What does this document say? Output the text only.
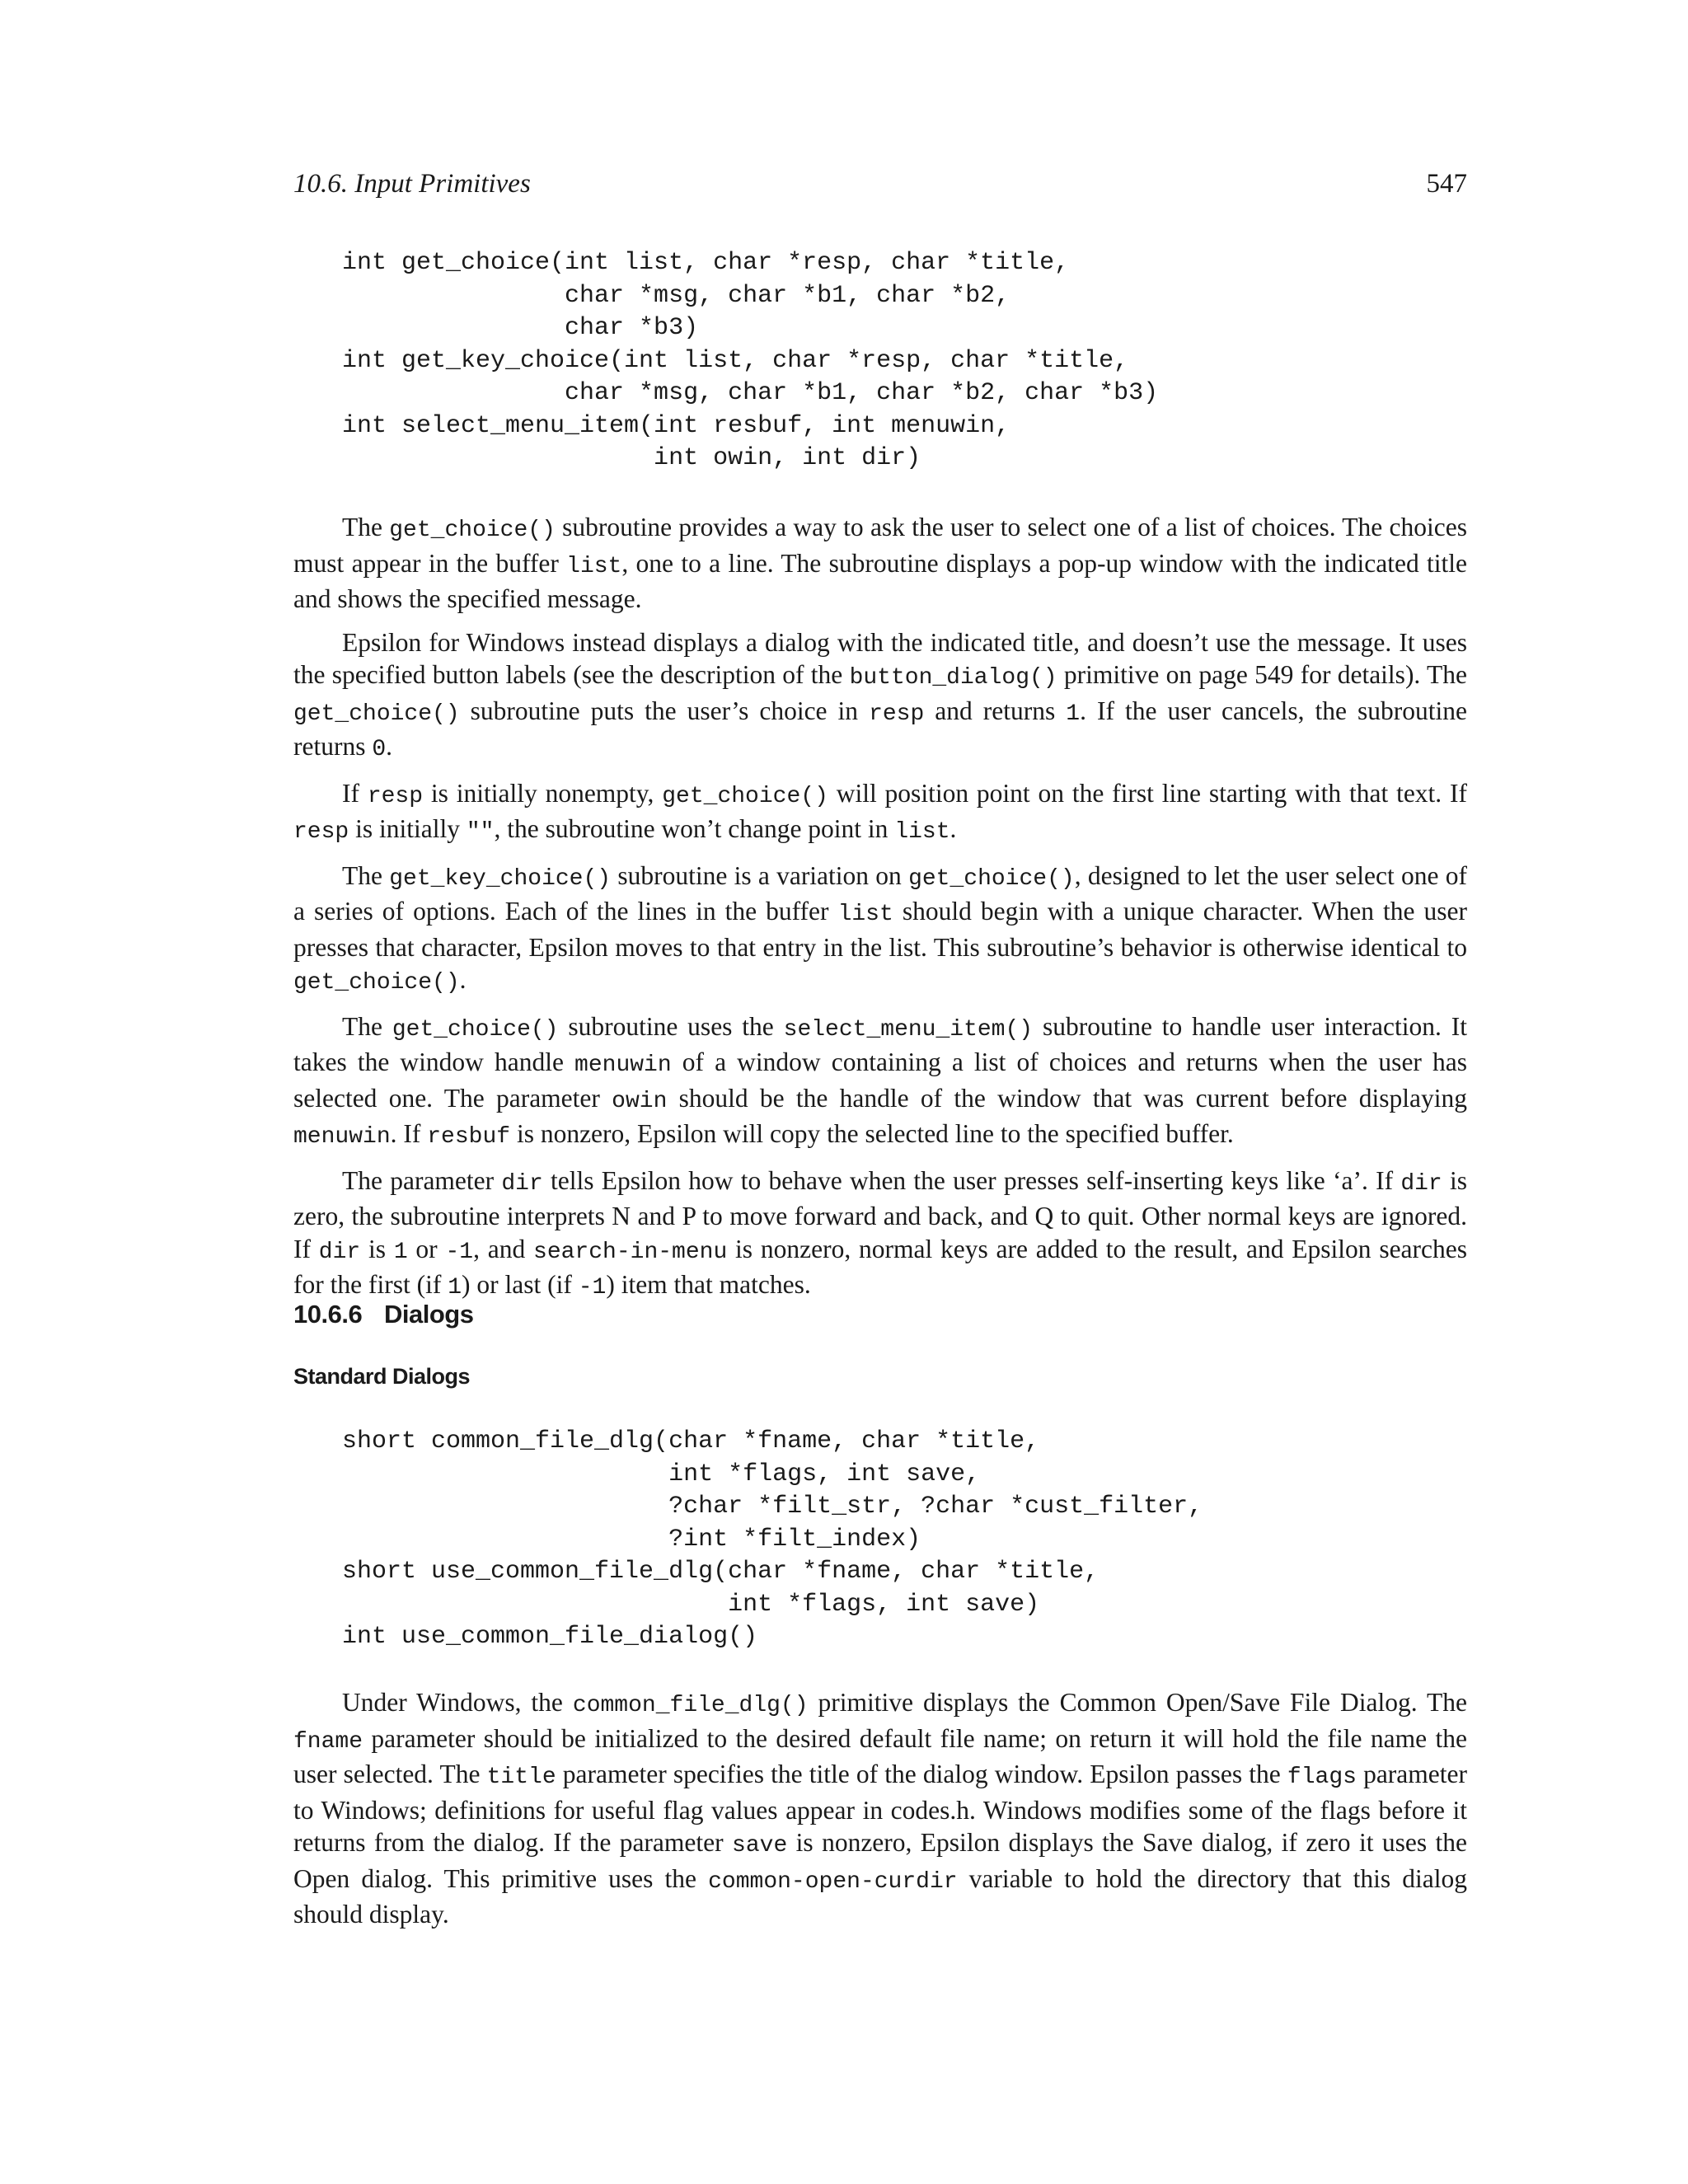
10.6. Input Primitives	547
int get_choice(int list, char *resp, char *title,
char *msg, char *b1, char *b2,
char *b3)
int get_key_choice(int list, char *resp, char *title,
char *msg, char *b1, char *b2, char *b3)
int select_menu_item(int resbuf, int menuwin,
int owin, int dir)

The get_choice() subroutine provides a way to ask the user to select one of a list of choices. The choices must appear in the buffer list, one to a line. The subroutine displays a pop-up window with the indicated title and shows the specified message.

Epsilon for Windows instead displays a dialog with the indicated title, and doesn’t use the message. It uses the specified button labels (see the description of the button_dialog() primitive on page 549 for details). The get_choice() subroutine puts the user’s choice in resp and returns 1. If the user cancels, the subroutine returns 0.

If resp is initially nonempty, get_choice() will position point on the first line starting with that text. If resp is initially "", the subroutine won’t change point in list.

The get_key_choice() subroutine is a variation on get_choice(), designed to let the user select one of a series of options. Each of the lines in the buffer list should begin with a unique character. When the user presses that character, Epsilon moves to that entry in the list. This subroutine’s behavior is otherwise identical to get_choice().

The get_choice() subroutine uses the select_menu_item() subroutine to handle user interaction. It takes the window handle menuwin of a window containing a list of choices and returns when the user has selected one. The parameter owin should be the handle of the window that was current before displaying menuwin. If resbuf is nonzero, Epsilon will copy the selected line to the specified buffer.

The parameter dir tells Epsilon how to behave when the user presses self-inserting keys like ‘a’. If dir is zero, the subroutine interprets N and P to move forward and back, and Q to quit. Other normal keys are ignored. If dir is 1 or -1, and search-in-menu is nonzero, normal keys are added to the result, and Epsilon searches for the first (if 1) or last (if -1) item that matches.

10.6.6 Dialogs
Standard Dialogs
short common_file_dlg(char *fname, char *title,
int *flags, int save,
?char *filt_str, ?char *cust_filter,
?int *filt_index)
short use_common_file_dlg(char *fname, char *title,
int *flags, int save)
int use_common_file_dialog()

Under Windows, the common_file_dlg() primitive displays the Common Open/Save File Dialog. The fname parameter should be initialized to the desired default file name; on return it will hold the file name the user selected. The title parameter specifies the title of the dialog window. Epsilon passes the flags parameter to Windows; definitions for useful flag values appear in codes.h. Windows modifies some of the flags before it returns from the dialog. If the parameter save is nonzero, Epsilon displays the Save dialog, if zero it uses the Open dialog. This primitive uses the common-open-curdir variable to hold the directory that this dialog should display.
